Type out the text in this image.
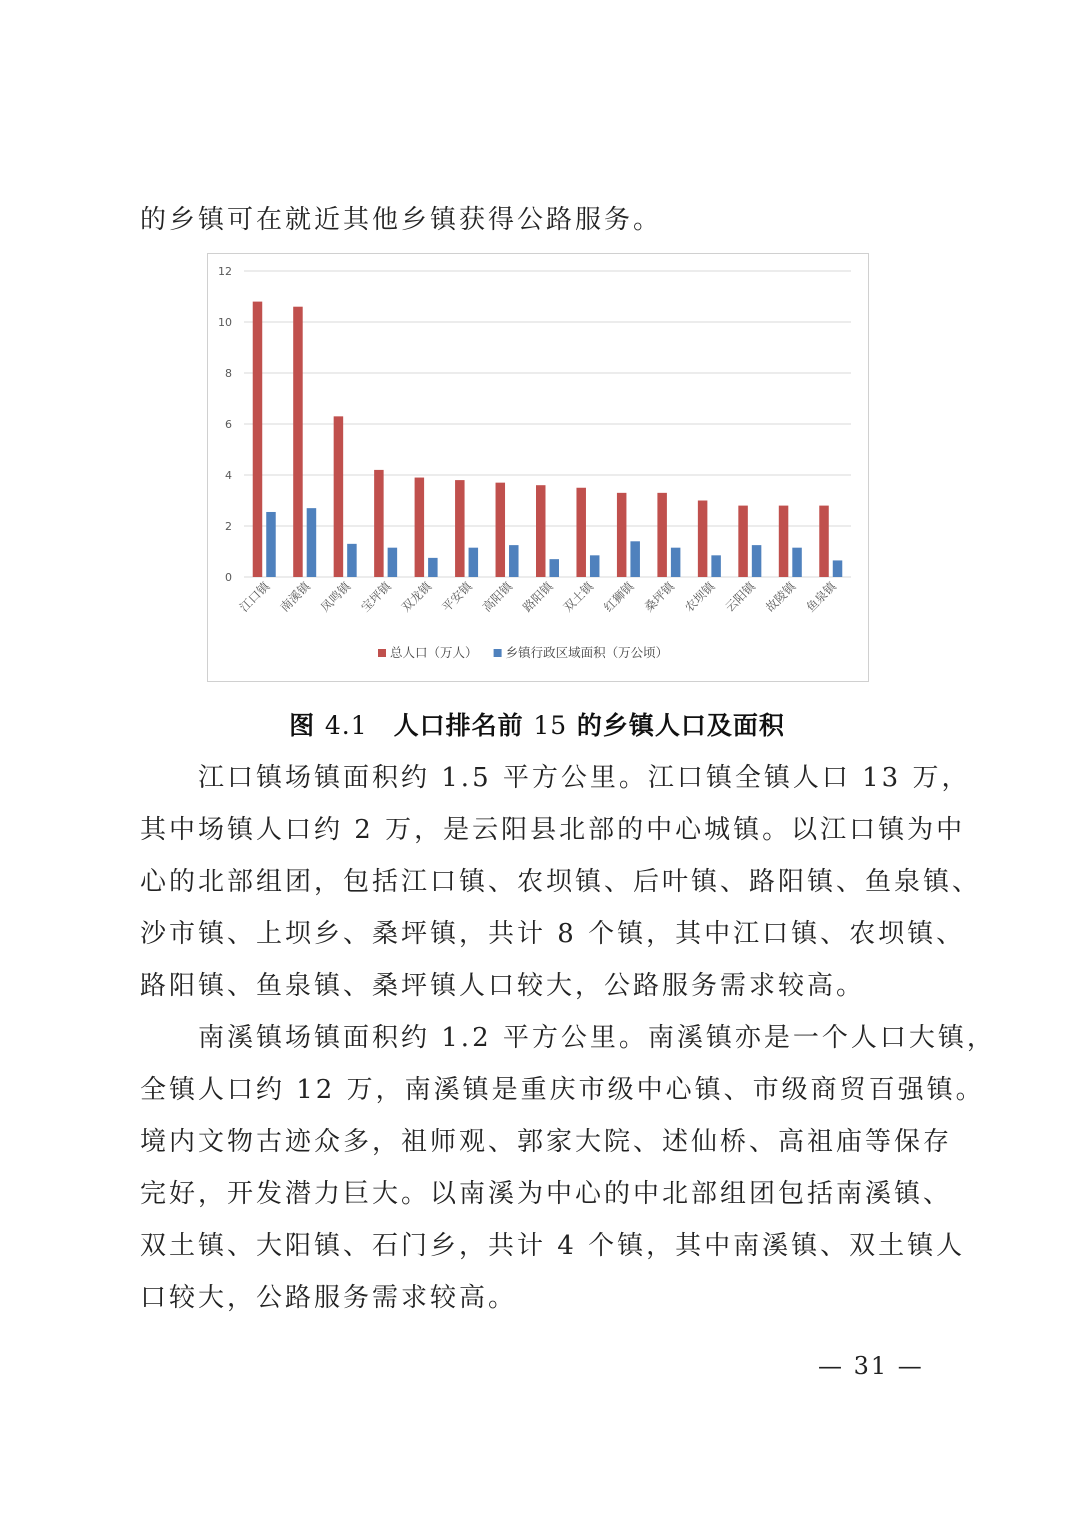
的乡镇可在就近其他乡镇获得公路服务。
0
2
4
6
8
10
12
江口镇 南溪镇 凤鸣镇 宝坪镇 双龙镇 平安镇 高阳镇 路阳镇 双土镇 红狮镇 桑坪镇 农坝镇 云阳镇 故陵镇 鱼泉镇
总人口（万人） 乡镇行政区域面积（万公顷）
图 4.1　 人口排名前 15 的乡镇人口及面积
　　江口镇场镇面积约 1.5 平方公里。江口镇全镇人口 13 万，
其中场镇人口约 2 万，是云阳县北部的中心城镇。以江口镇为中
心的北部组团，包括江口镇、农坝镇、后叶镇、路阳镇、鱼泉镇、
沙市镇、上坝乡、桑坪镇，共计 8 个镇，其中江口镇、农坝镇、
路阳镇、鱼泉镇、桑坪镇人口较大，公路服务需求较高。
　　南溪镇场镇面积约 1.2 平方公里。南溪镇亦是一个人口大镇，
全镇人口约 12 万，南溪镇是重庆市级中心镇、市级商贸百强镇。
境内文物古迹众多，祖师观、郭家大院、述仙桥、高祖庙等保存
完好，开发潜力巨大。以南溪为中心的中北部组团包括南溪镇、
双土镇、大阳镇、石门乡，共计 4 个镇，其中南溪镇、双土镇人
口较大，公路服务需求较高。
— 31 —
